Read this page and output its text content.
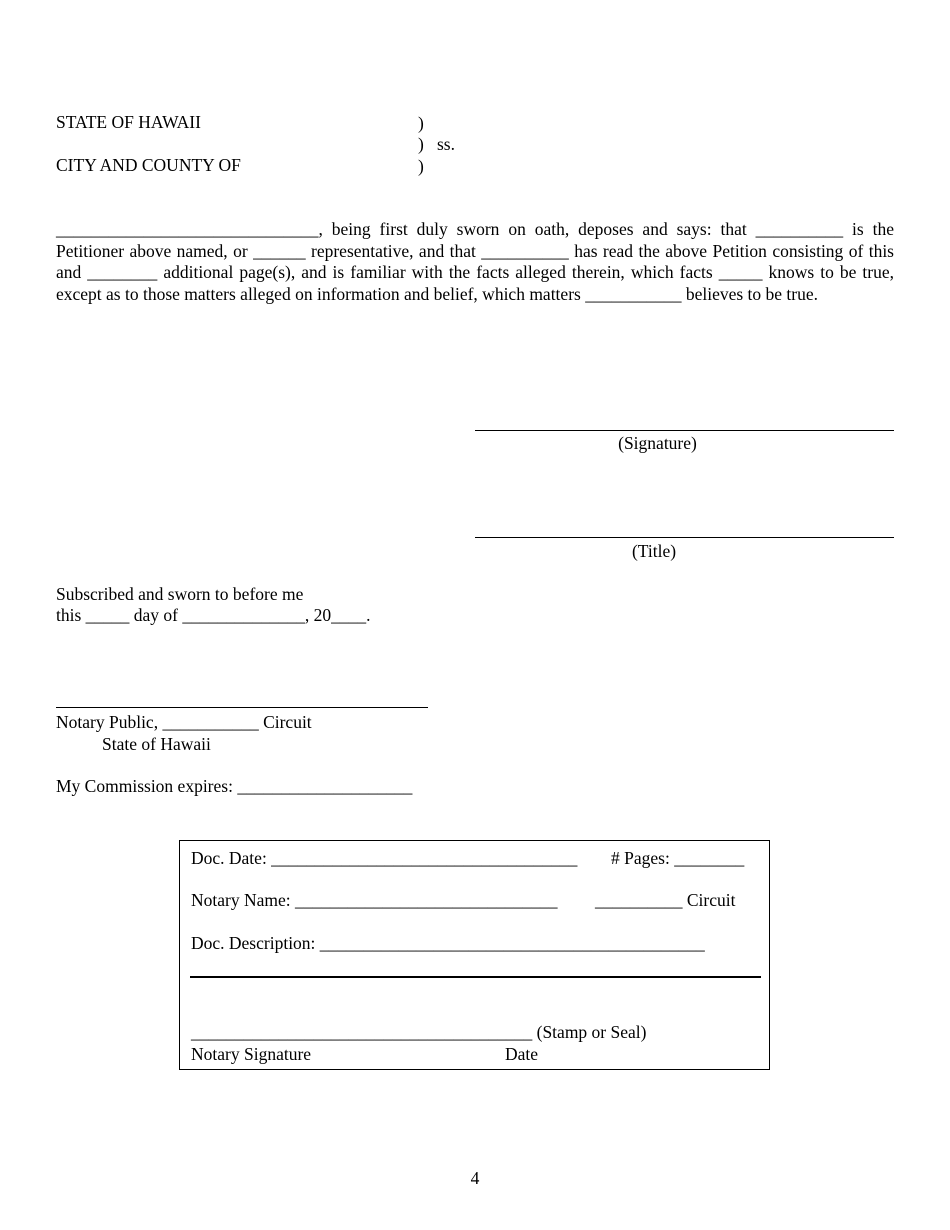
STATE OF HAWAII
CITY AND COUNTY OF
)
)   ss.
)
______________________________, being first duly sworn on oath, deposes and says: that __________ is the Petitioner above named, or ______ representative, and that __________ has read the above Petition consisting of this and ________ additional page(s), and is familiar with the facts alleged therein, which facts _____ knows to be true, except as to those matters alleged on information and belief, which matters ___________ believes to be true.
(Signature)
(Title)
Subscribed and sworn to before me
this _____ day of ______________, 20____.
Notary Public, ___________ Circuit
State of Hawaii
My Commission expires: ____________________
Doc. Date: ___________________________________ # Pages: ________
Notary Name: ______________________________ __________ Circuit
Doc. Description: ____________________________________________
_______________________________________ (Stamp or Seal)
Notary Signature	Date
4
